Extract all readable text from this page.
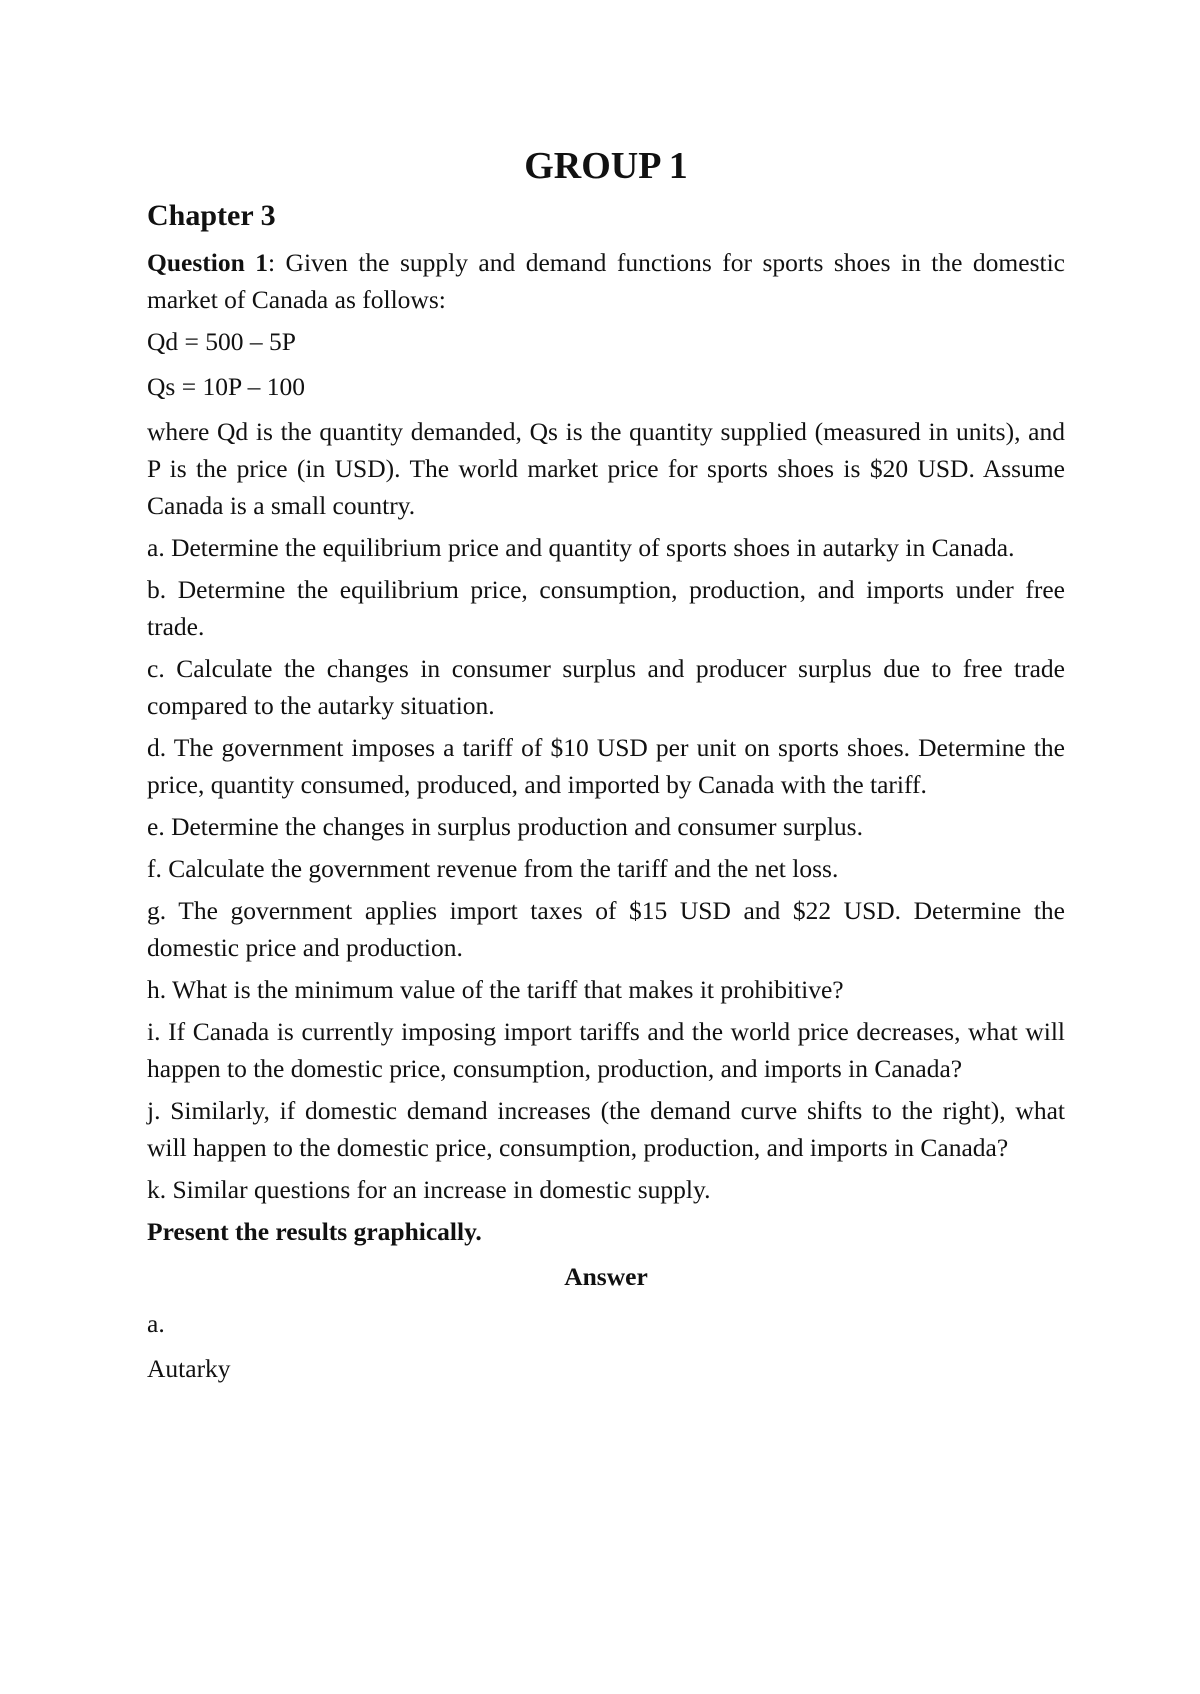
GROUP 1
Chapter 3

Question 1: Given the supply and demand functions for sports shoes in the domestic market of Canada as follows:

Qd = 500 – 5P

Qs = 10P – 100

where Qd is the quantity demanded, Qs is the quantity supplied (measured in units), and P is the price (in USD). The world market price for sports shoes is $20 USD. Assume Canada is a small country.

a. Determine the equilibrium price and quantity of sports shoes in autarky in Canada.

b. Determine the equilibrium price, consumption, production, and imports under free trade.

c. Calculate the changes in consumer surplus and producer surplus due to free trade compared to the autarky situation.

d. The government imposes a tariff of $10 USD per unit on sports shoes. Determine the price, quantity consumed, produced, and imported by Canada with the tariff.

e. Determine the changes in surplus production and consumer surplus.

f. Calculate the government revenue from the tariff and the net loss.

g. The government applies import taxes of $15 USD and $22 USD. Determine the domestic price and production.

h. What is the minimum value of the tariff that makes it prohibitive?

i. If Canada is currently imposing import tariffs and the world price decreases, what will happen to the domestic price, consumption, production, and imports in Canada?

j. Similarly, if domestic demand increases (the demand curve shifts to the right), what will happen to the domestic price, consumption, production, and imports in Canada?

k. Similar questions for an increase in domestic supply.

Present the results graphically.

Answer

a.

Autarky
